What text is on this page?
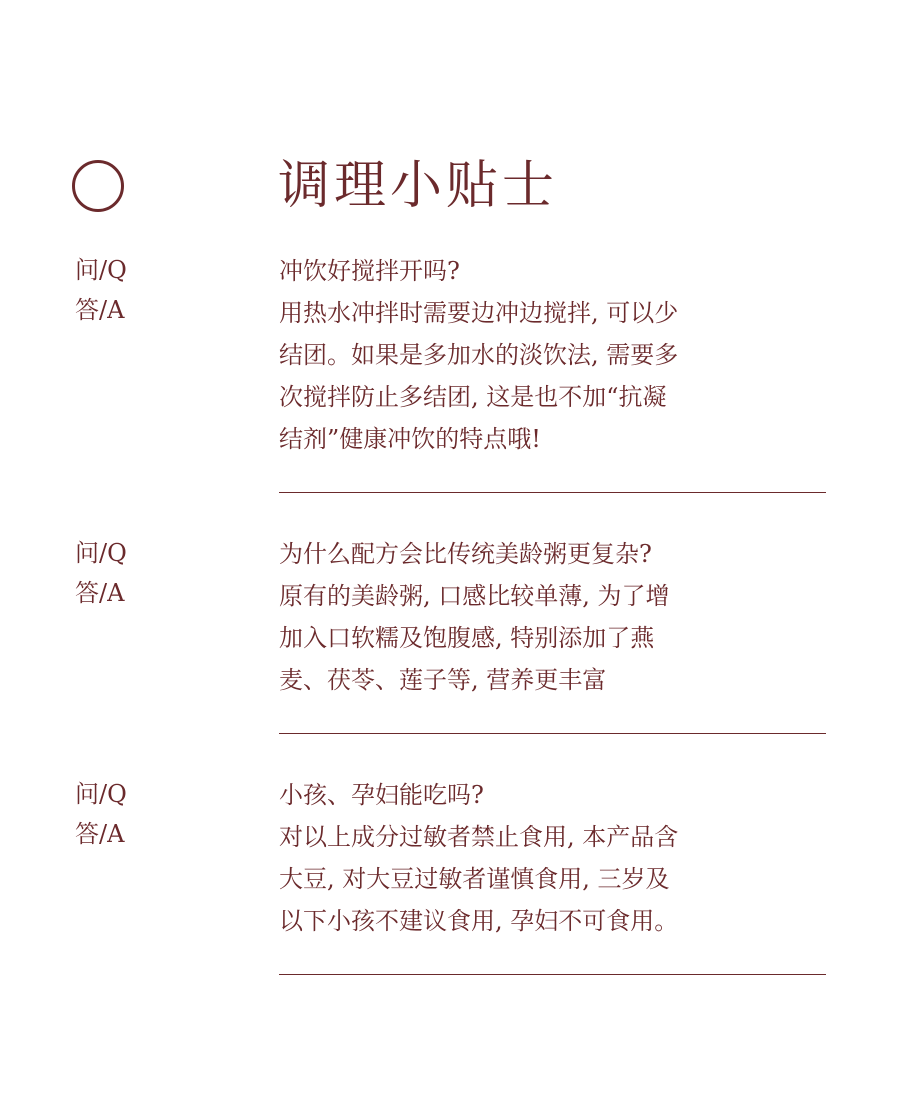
调理小贴士
问/Q
答/A
冲饮好搅拌开吗?
用热水冲拌时需要边冲边搅拌, 可以少
结团。如果是多加水的淡饮法, 需要多
次搅拌防止多结团, 这是也不加“抗凝
结剂”健康冲饮的特点哦!
问/Q
答/A
为什么配方会比传统美龄粥更复杂?
原有的美龄粥, 口感比较单薄, 为了增
加入口软糯及饱腹感, 特别添加了燕
麦、茯苓、莲子等, 营养更丰富
问/Q
答/A
小孩、孕妇能吃吗?
对以上成分过敏者禁止食用, 本产品含
大豆, 对大豆过敏者谨慎食用, 三岁及
以下小孩不建议食用, 孕妇不可食用。
